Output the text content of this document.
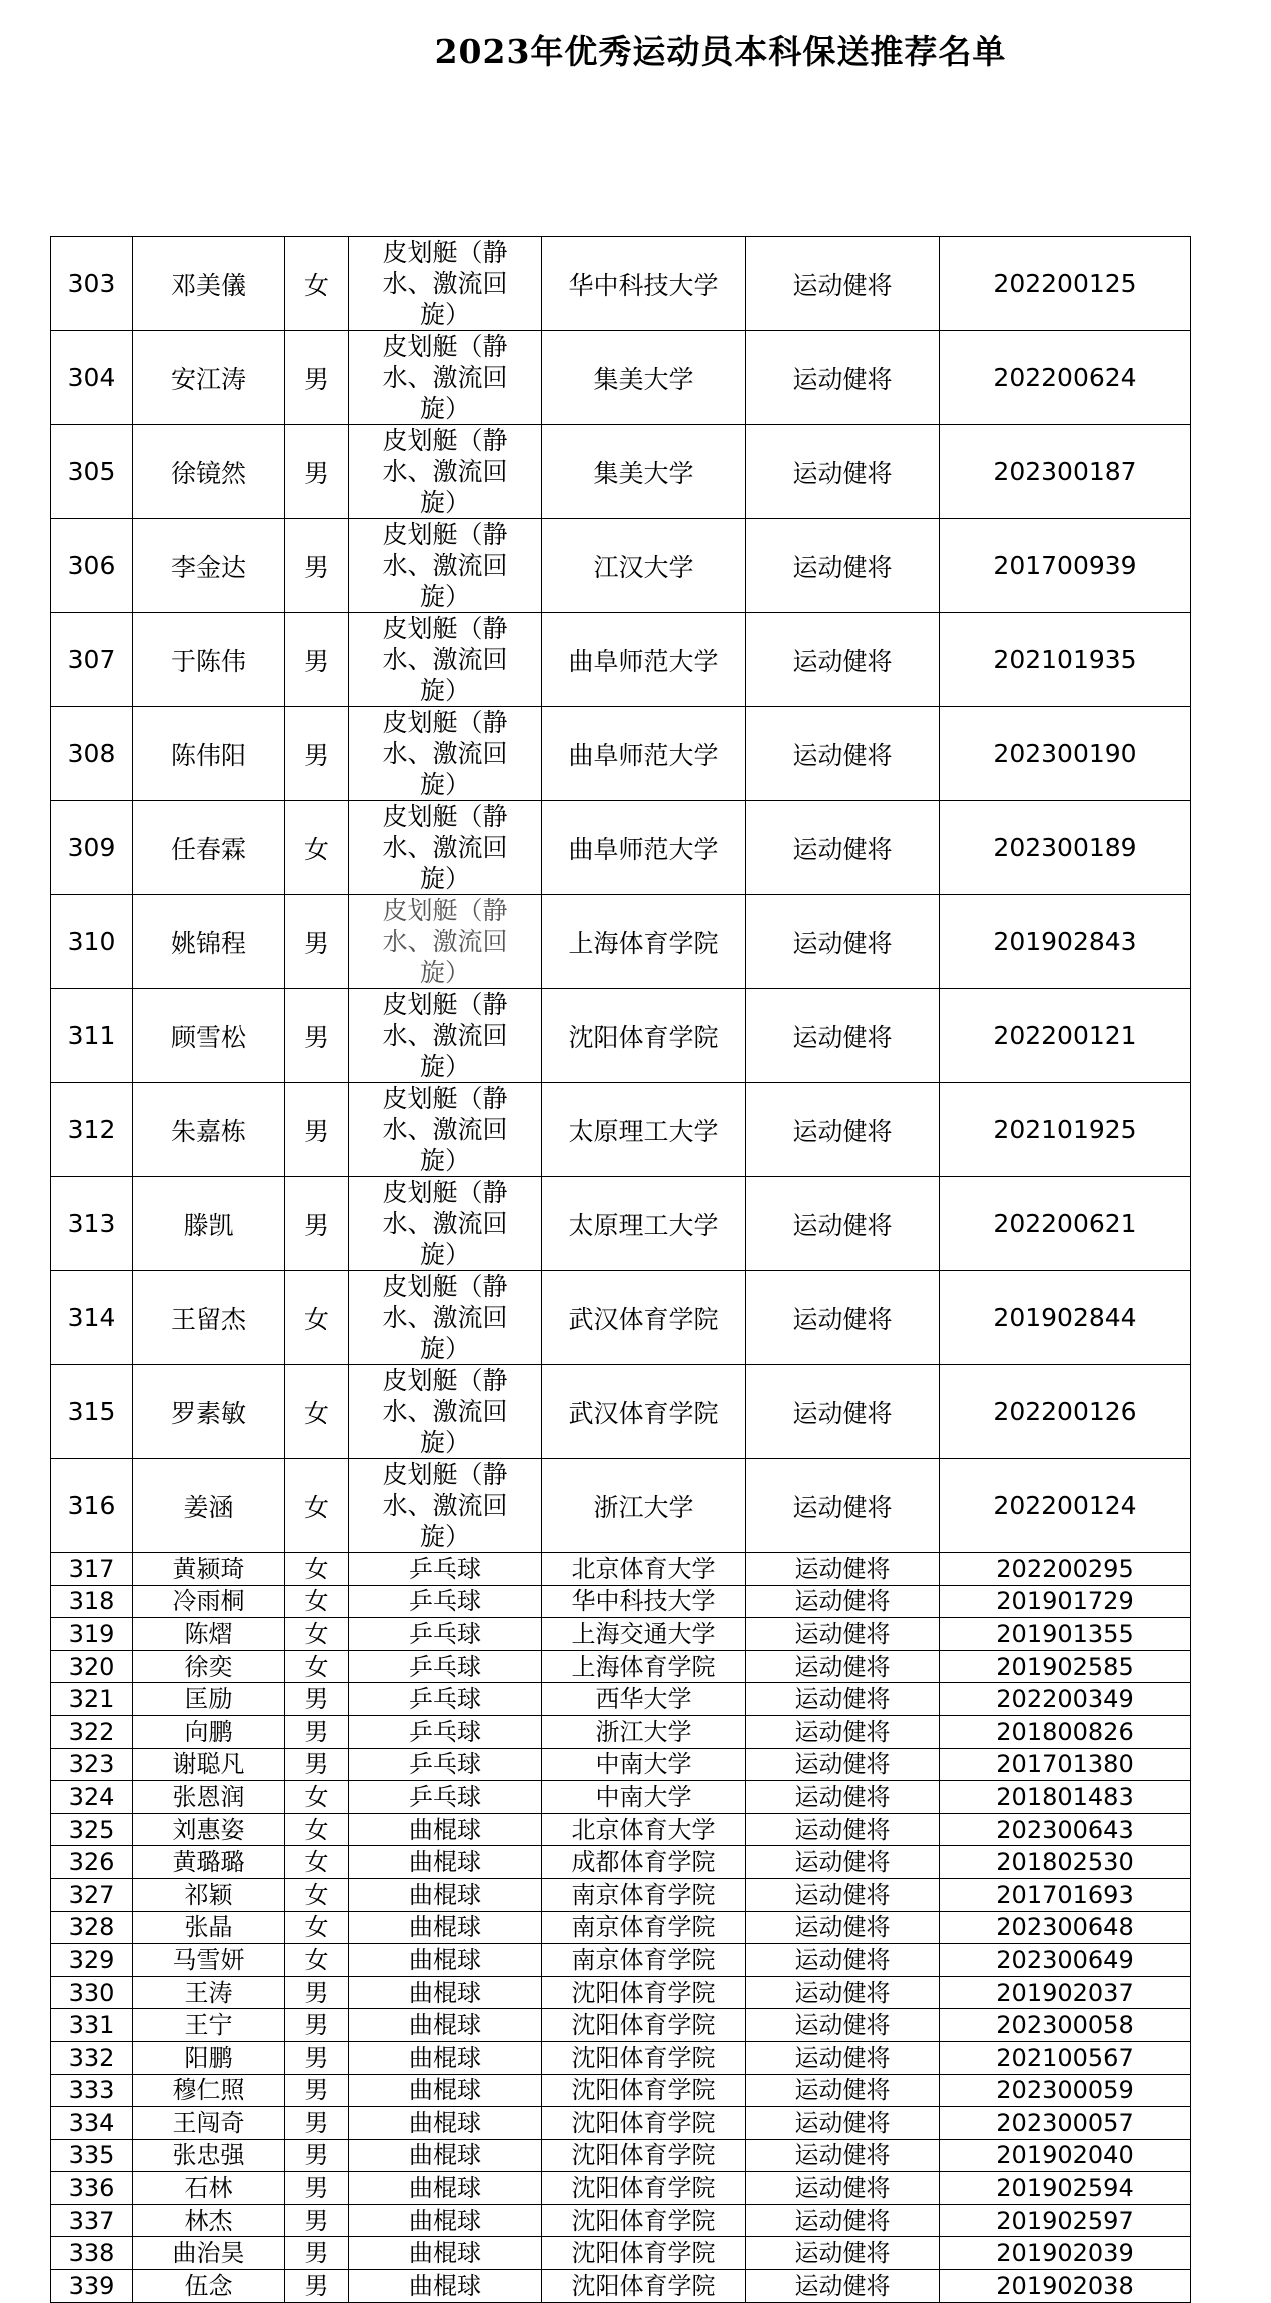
2023年优秀运动员本科保送推荐名单
303	邓美儀	女	皮划艇（静水、激流回旋）	华中科技大学	运动健将	202200125
304	安江涛	男	皮划艇（静水、激流回旋）	集美大学	运动健将	202200624
305	徐镜然	男	皮划艇（静水、激流回旋）	集美大学	运动健将	202300187
306	李金达	男	皮划艇（静水、激流回旋）	江汉大学	运动健将	201700939
307	于陈伟	男	皮划艇（静水、激流回旋）	曲阜师范大学	运动健将	202101935
308	陈伟阳	男	皮划艇（静水、激流回旋）	曲阜师范大学	运动健将	202300190
309	任春霖	女	皮划艇（静水、激流回旋）	曲阜师范大学	运动健将	202300189
310	姚锦程	男	皮划艇（静水、激流回旋）	上海体育学院	运动健将	201902843
311	顾雪松	男	皮划艇（静水、激流回旋）	沈阳体育学院	运动健将	202200121
312	朱嘉栋	男	皮划艇（静水、激流回旋）	太原理工大学	运动健将	202101925
313	滕凯	男	皮划艇（静水、激流回旋）	太原理工大学	运动健将	202200621
314	王留杰	女	皮划艇（静水、激流回旋）	武汉体育学院	运动健将	201902844
315	罗素敏	女	皮划艇（静水、激流回旋）	武汉体育学院	运动健将	202200126
316	姜涵	女	皮划艇（静水、激流回旋）	浙江大学	运动健将	202200124
317	黄颍琦	女	乒乓球	北京体育大学	运动健将	202200295
318	冷雨桐	女	乒乓球	华中科技大学	运动健将	201901729
319	陈熠	女	乒乓球	上海交通大学	运动健将	201901355
320	徐奕	女	乒乓球	上海体育学院	运动健将	201902585
321	匡励	男	乒乓球	西华大学	运动健将	202200349
322	向鹏	男	乒乓球	浙江大学	运动健将	201800826
323	谢聪凡	男	乒乓球	中南大学	运动健将	201701380
324	张恩润	女	乒乓球	中南大学	运动健将	201801483
325	刘惠姿	女	曲棍球	北京体育大学	运动健将	202300643
326	黄璐璐	女	曲棍球	成都体育学院	运动健将	201802530
327	祁颖	女	曲棍球	南京体育学院	运动健将	201701693
328	张晶	女	曲棍球	南京体育学院	运动健将	202300648
329	马雪妍	女	曲棍球	南京体育学院	运动健将	202300649
330	王涛	男	曲棍球	沈阳体育学院	运动健将	201902037
331	王宁	男	曲棍球	沈阳体育学院	运动健将	202300058
332	阳鹏	男	曲棍球	沈阳体育学院	运动健将	202100567
333	穆仁照	男	曲棍球	沈阳体育学院	运动健将	202300059
334	王闯奇	男	曲棍球	沈阳体育学院	运动健将	202300057
335	张忠强	男	曲棍球	沈阳体育学院	运动健将	201902040
336	石林	男	曲棍球	沈阳体育学院	运动健将	201902594
337	林杰	男	曲棍球	沈阳体育学院	运动健将	201902597
338	曲治昊	男	曲棍球	沈阳体育学院	运动健将	201902039
339	伍念	男	曲棍球	沈阳体育学院	运动健将	201902038
